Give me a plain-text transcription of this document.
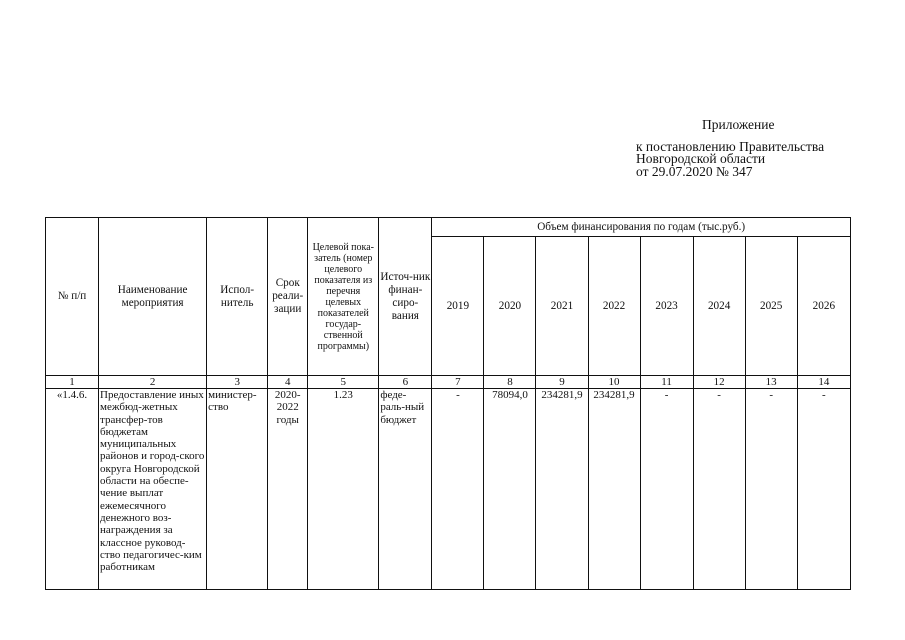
Приложение
к постановлению Правительства
Новгородской области
от 29.07.2020 № 347
№ п/п	Наименование мероприятия	Испол-нитель	Срок реали-зации	Целевой пока-затель (номер целевого показателя из перечня целевых показателей государ-ственной программы)	Источ-ник финан-сиро-вания	Объем финансирования по годам (тыс.руб.)							
						2019	2020	2021	2022	2023	2024	2025	2026
1	2	3	4	5	6	7	8	9	10	11	12	13	14
«1.4.6.	Предоставление иных межбюд-жетных трансфер-тов бюджетам муниципальных районов и город-ского округа Новгородской области на обеспе-чение выплат ежемесячного денежного воз-награждения за классное руковод-ство педагогичес-ким работникам	министер-ство	2020-2022 годы	1.23	феде-раль-ный бюджет	-	78094,0	234281,9	234281,9	-	-	-	-
